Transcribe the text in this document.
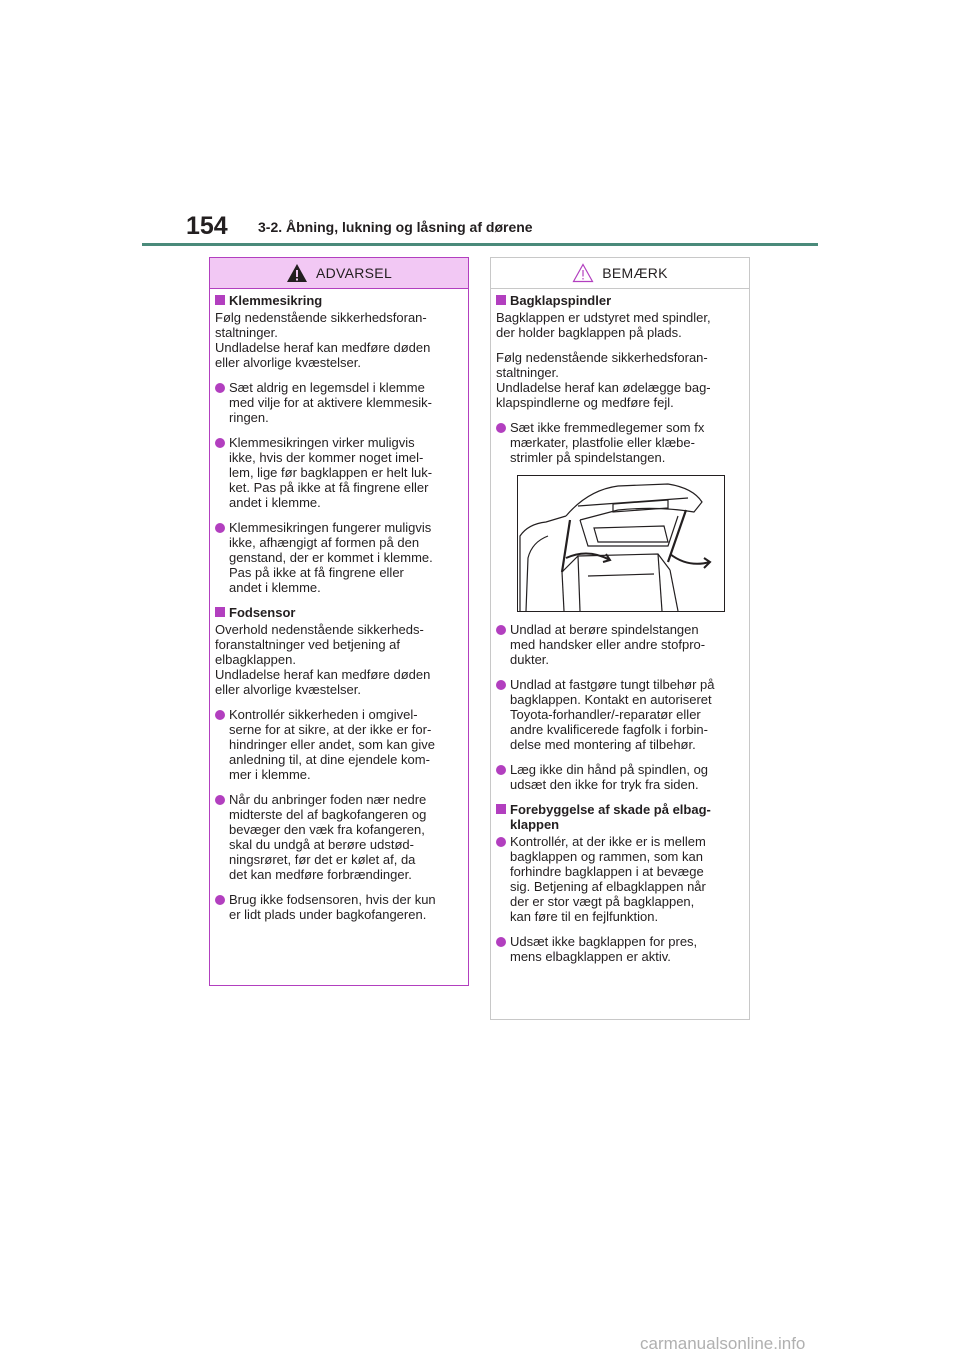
154 3-2. Åbning, lukning og låsning af dørene
ADVARSEL
Klemmesikring
Følg nedenstående sikkerhedsforan-
staltninger.
Undladelse heraf kan medføre døden
eller alvorlige kvæstelser.
Sæt aldrig en legemsdel i klemme
med vilje for at aktivere klemmesik-
ringen.
Klemmesikringen virker muligvis
ikke, hvis der kommer noget imel-
lem, lige før bagklappen er helt luk-
ket. Pas på ikke at få fingrene eller
andet i klemme.
Klemmesikringen fungerer muligvis
ikke, afhængigt af formen på den
genstand, der er kommet i klemme.
Pas på ikke at få fingrene eller
andet i klemme.
Fodsensor
Overhold nedenstående sikkerheds-
foranstaltninger ved betjening af
elbagklappen.
Undladelse heraf kan medføre døden
eller alvorlige kvæstelser.
Kontrollér sikkerheden i omgivel-
serne for at sikre, at der ikke er for-
hindringer eller andet, som kan give
anledning til, at dine ejendele kom-
mer i klemme.
Når du anbringer foden nær nedre
midterste del af bagkofangeren og
bevæger den væk fra kofangeren,
skal du undgå at berøre udstød-
ningsrøret, før det er kølet af, da
det kan medføre forbrændinger.
Brug ikke fodsensoren, hvis der kun
er lidt plads under bagkofangeren.
BEMÆRK
Bagklapspindler
Bagklappen er udstyret med spindler,
der holder bagklappen på plads.
Følg nedenstående sikkerhedsforan-
staltninger.
Undladelse heraf kan ødelægge bag-
klapspindlerne og medføre fejl.
Sæt ikke fremmedlegemer som fx
mærkater, plastfolie eller klæbe-
strimler på spindelstangen.
Undlad at berøre spindelstangen
med handsker eller andre stofpro-
dukter.
Undlad at fastgøre tungt tilbehør på
bagklappen. Kontakt en autoriseret
Toyota-forhandler/-reparatør eller
andre kvalificerede fagfolk i forbin-
delse med montering af tilbehør.
Læg ikke din hånd på spindlen, og
udsæt den ikke for tryk fra siden.
Forebyggelse af skade på elbag-
klappen
Kontrollér, at der ikke er is mellem
bagklappen og rammen, som kan
forhindre bagklappen i at bevæge
sig. Betjening af elbagklappen når
der er stor vægt på bagklappen,
kan føre til en fejlfunktion.
Udsæt ikke bagklappen for pres,
mens elbagklappen er aktiv.
carmanualsonline.info
